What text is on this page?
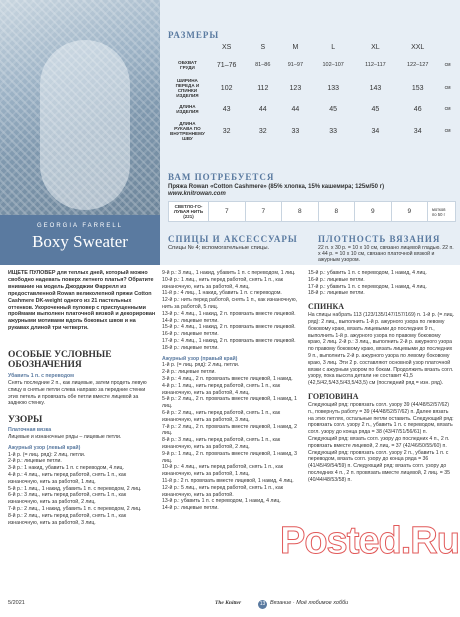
РАЗМЕРЫ
	XS	S	M	L	XL	XXL	
ОБХВАТ ГРУДИ	71–76	81–86	91–97	102–107	112–117	122–127	см
ШИРИНА ПЕРЕДА И СПИНКИ ИЗДЕЛИЯ	102	112	123	133	143	153	см
ДЛИНА ИЗДЕЛИЯ	43	44	44	45	45	46	см
ДЛИНА РУКАВА ПО ВНУТРЕННЕМУ ШВУ	32	32	33	33	34	34	см
ВАМ ПОТРЕБУЕТСЯ
Пряжа Rowan «Cotton Cashmere» (85% хлопка, 15% кашемира; 125м/50 г)
www.knitrowan.com
СВЕТЛО-ГО-ЛУБАЯ НИТЬ (221)	7	7	8	8	9	9	мотков по 50 г
СПИЦЫ И АКСЕССУАРЫ
Спицы № 4; вспомогательные спицы.
ПЛОТНОСТЬ ВЯЗАНИЯ
22 п. x 30 р. = 10 x 10 см, связано лицевой гладью. 22 п. x 44 р. = 10 x 10 см, связано платочной вязкой и ажурным узором.
GEORGIA FARRELL
Boxy Sweater
ИЩЕТЕ ПУЛОВЕР для теплых дней, который можно свободно надевать поверх летнего платья? Обратите внимание на модель Джорджии Фаррелл из предоставленной Rowan великолепной пряжи Cotton Cashmere DK-weight одного из 21 пастельных оттенков. Укороченный пуловер с приспущенными проймами выполнен платочной вязкой и декорирован ажурными мотивами вдоль боковых швов и на рукавах длиной три четверти.
ОСОБЫЕ УСЛОВНЫЕ ОБОЗНАЧЕНИЯ
Убавить 1 п. с переводом
Снять последние 2 п., как лицевые, затем продеть левую спицу в снятые петли слева направо за передние стенки этих петель и провязать обе петли вместе лицевой за заднюю стенку.
УЗОРЫ
Платочная вязка
Лицевые и изнаночные ряды – лицевые петли.
Ажурный узор (левый край)
1-й р. (= лиц. ряд): 2 лиц. петли.
2-й р.: лицевые петли.
3-й р.: 1 накид, убавить 1 п. с переводом, 4 лиц.
4-й р.: 4 лиц., нить перед работой, снять 1 п., как изнаночную, нить за работой, 1 лиц.
5-й р.: 1 лиц., 1 накид, убавить 1 п. с переводом, 2 лиц.
6-й р.: 3 лиц., нить перед работой, снять 1 п., как изнаночную, нить за работой, 2 лиц.
7-й р.: 2 лиц., 1 накид, убавить 1 п. с переводом, 2 лиц.
8-й р.: 2 лиц., нить перед работой, снять 1 п., как изнаночную, нить за работой, 3 лиц.
9-й р.: 3 лиц., 1 накид, убавить 1 п. с переводом, 1 лиц.
10-й р.: 1 лиц., нить перед работой, снять 1 п., как изнаночную, нить за работой, 4 лиц.
11-й р.: 4 лиц., 1 накид, убавить 1 п. с переводом.
12-й р.: нить перед работой, снять 1 п., как изнаночную, нить за работой, 5 лиц.
13-й р.: 4 лиц., 1 накид, 2 п. провязать вместе лицевой.
14-й р.: лицевые петли.
15-й р.: 4 лиц., 1 накид, 2 п. провязать вместе лицевой.
16-й р.: лицевые петли.
17-й р.: 4 лиц., 1 накид, 2 п. провязать вместе лицевой.
18-й р.: лицевые петли.
Ажурный узор (правый край)
1-й р. (= лиц. ряд): 2 лиц. петли.
2-й р.: лицевые петли.
3-й р.: 4 лиц., 2 п. провязать вместе лицевой, 1 накид.
4-й р.: 1 лиц., нить перед работой, снять 1 п., как изнаночную, нить за работой, 4 лиц.
5-й р.: 2 лиц., 2 п. провязать вместе лицевой, 1 накид, 1 лиц.
6-й р.: 2 лиц., нить перед работой, снять 1 п., как изнаночную, нить за работой, 3 лиц.
7-й р.: 2 лиц., 2 п. провязать вместе лицевой, 1 накид, 2 лиц.
8-й р.: 3 лиц., нить перед работой, снять 1 п., как изнаночную, нить за работой, 2 лиц.
9-й р.: 1 лиц., 2 п. провязать вместе лицевой, 1 накид, 3 лиц.
10-й р.: 4 лиц., нить перед работой, снять 1 п., как изнаночную, нить за работой, 1 лиц.
11-й р.: 2 п. провязать вместе лицевой, 1 накид, 4 лиц.
12-й р.: 5 лиц., нить перед работой, снять 1 п., как изнаночную, нить за работой.
13-й р.: убавить 1 п. с переводом, 1 накид, 4 лиц.
14-й р.: лицевые петли.
15-й р.: убавить 1 п. с переводом, 1 накид, 4 лиц.
16-й р.: лицевые петли.
17-й р.: убавить 1 п. с переводом, 1 накид, 4 лиц.
18-й р.: лицевые петли.
СПИНКА
На спицы набрать 113 (123/135/147/157/169) п. 1-й р. (= лиц. ряд): 2 лиц., выполнить 1-й р. ажурного узора по левому боковому краю, вязать лицевыми до последних 9 п., выполнить 1-й р. ажурного узора по правому боковому краю, 2 лиц. 2-й р.: 3 лиц., выполнить 2-й р. ажурного узора по правому боковому краю, вязать лицевыми до последних 9 п., выполнить 2-й р. ажурного узора по левому боковому краю, 3 лиц. Эти 2 р. составляют основной узор платочной вязки с ажурным узором по бокам. Продолжить вязать согл. узору, пока высота детали не составит 41,5 (42,5/42,5/43,5/43,5/43,5) см (последний ряд = изн. ряд).
ГОРЛОВИНА
Следующий ряд: провязать согл. узору 39 (44/48/52/57/62) п., повернуть работу = 39 (44/48/52/57/62) п. Далее вязать на этих петлях, остальные петли оставить. Следующий ряд: провязать согл. узору 2 п., убавить 1 п. с переводом, вязать согл. узору до конца ряда = 38 (43/47/51/56/61) п. Следующий ряд: вязать согл. узору до последних 4 п., 2 п. провязать вместе лицевой, 2 лиц. = 37 (42/46/50/55/60) п. Следующий ряд: провязать согл. узору 2 п., убавить 1 п. с переводом, вязать согл. узору до конца ряда = 36 (41/45/49/54/59) п. Следующий ряд: вязать согл. узору до последних 4 п., 2 п. провязать вместе лицевой, 2 лиц. = 35 (40/44/48/53/58) п.
Posted.Ru
5/2021	The Knitter	13 Вязание · Моё любимое хобби
